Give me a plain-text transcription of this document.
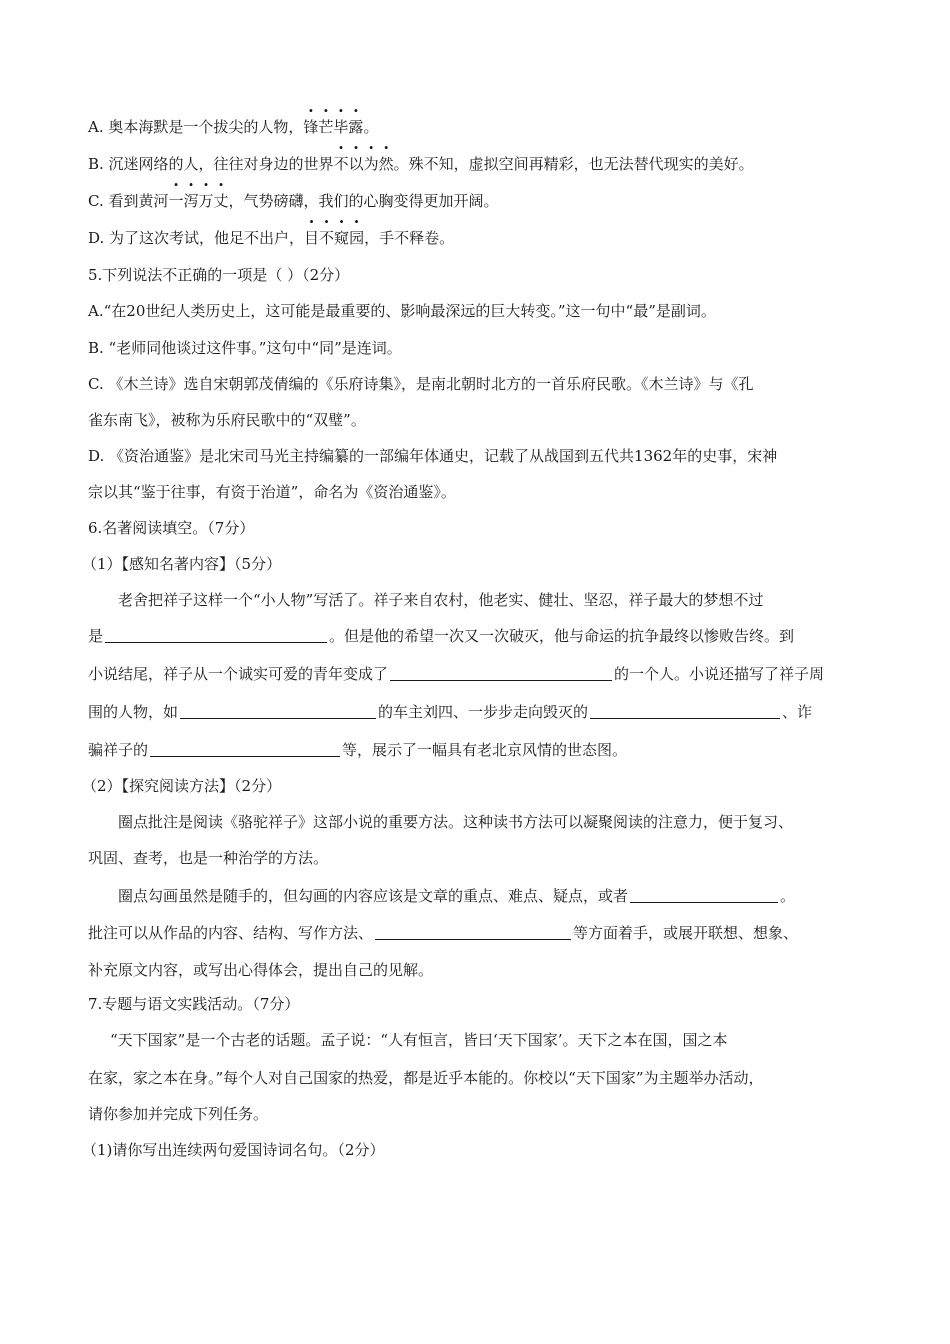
A. 奥本海默是一个拔尖的人物，锋芒毕露。
B. 沉迷网络的人，往往对身边的世界不以为然。殊不知，虚拟空间再精彩，也无法替代现实的美好。
C. 看到黄河一泻万丈，气势磅礴，我们的心胸变得更加开阔。
D. 为了这次考试，他足不出户，目不窥园，手不释卷。
5.下列说法不正确的一项是（ ）（2分）
A.“在20世纪人类历史上，这可能是最重要的、影响最深远的巨大转变。”这一句中“最”是副词。
B. “老师同他谈过这件事。”这句中“同”是连词。
C. 《木兰诗》选自宋朝郭茂倩编的《乐府诗集》，是南北朝时北方的一首乐府民歌。《木兰诗》与《孔
雀东南飞》，被称为乐府民歌中的“双璧”。
D. 《资治通鉴》是北宋司马光主持编纂的一部编年体通史，记载了从战国到五代共1362年的史事，宋神
宗以其“鉴于往事，有资于治道”，命名为《资治通鉴》。
6.名著阅读填空。（7分）
（1）【感知名著内容】（5分）
老舍把祥子这样一个“小人物”写活了。祥子来自农村，他老实、健壮、坚忍，祥子最大的梦想不过
是	。但是他的希望一次又一次破灭，他与命运的抗争最终以惨败告终。到
小说结尾，祥子从一个诚实可爱的青年变成了	的一个人。小说还描写了祥子周
围的人物，如	的车主刘四、一步步走向毁灭的	、诈
骗祥子的	等，展示了一幅具有老北京风情的世态图。
（2）【探究阅读方法】（2分）
圈点批注是阅读《骆驼祥子》这部小说的重要方法。这种读书方法可以凝聚阅读的注意力，便于复习、
巩固、查考，也是一种治学的方法。
圈点勾画虽然是随手的，但勾画的内容应该是文章的重点、难点、疑点，或者	。
批注可以从作品的内容、结构、写作方法、	等方面着手，或展开联想、想象、
补充原文内容，或写出心得体会，提出自己的见解。
7.专题与语文实践活动。（7分）
“天下国家”是一个古老的话题。孟子说：“人有恒言，皆曰‘天下国家’。天下之本在国，国之本
在家，家之本在身。”每个人对自己国家的热爱，都是近乎本能的。你校以“天下国家”为主题举办活动，
请你参加并完成下列任务。
（1)请你写出连续两句爱国诗词名句。（2分）
